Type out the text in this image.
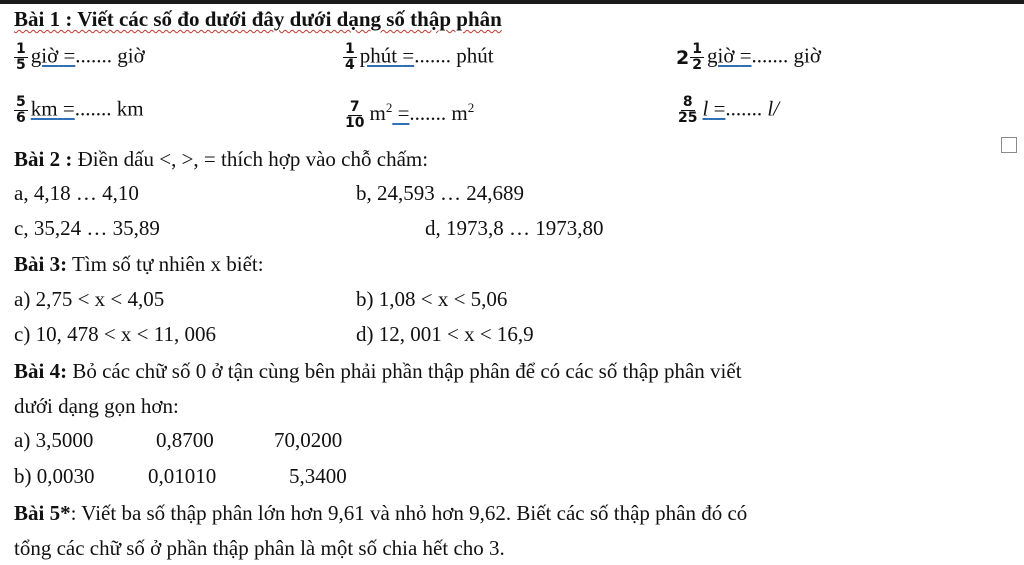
Bài 1 : Viết các số đo dưới đây dưới dạng số thập phân
$\frac{1}{5}$ giờ =....... giờ	$\frac{1}{4}$ phút =....... phút	$2 \frac{1}{2}$ giờ =....... giờ
$\frac{5}{6}$ km =....... km	$\frac{7}{10} m^2$ =....... $m^2$	$\frac{8}{25}$ l =....... l/
Bài 2 : Điền dấu <, >, = thích hợp vào chỗ chấm:
a, 4,18 … 4,10	b, 24,593 … 24,689
c, 35,24 … 35,89	d, 1973,8 … 1973,80
Bài 3: Tìm số tự nhiên x biết:
a) 2,75 < x < 4,05	b) 1,08 < x < 5,06
c) 10, 478 < x < 11, 006	d) 12, 001 < x < 16,9
Bài 4: Bỏ các chữ số 0 ở tận cùng bên phải phần thập phân để có các số thập phân viết
dưới dạng gọn hơn:
a) 3,5000	0,8700	70,0200
b) 0,0030	0,01010	5,3400
Bài 5*: Viết ba số thập phân lớn hơn 9,61 và nhỏ hơn 9,62. Biết các số thập phân đó có
tổng các chữ số ở phần thập phân là một số chia hết cho 3.
